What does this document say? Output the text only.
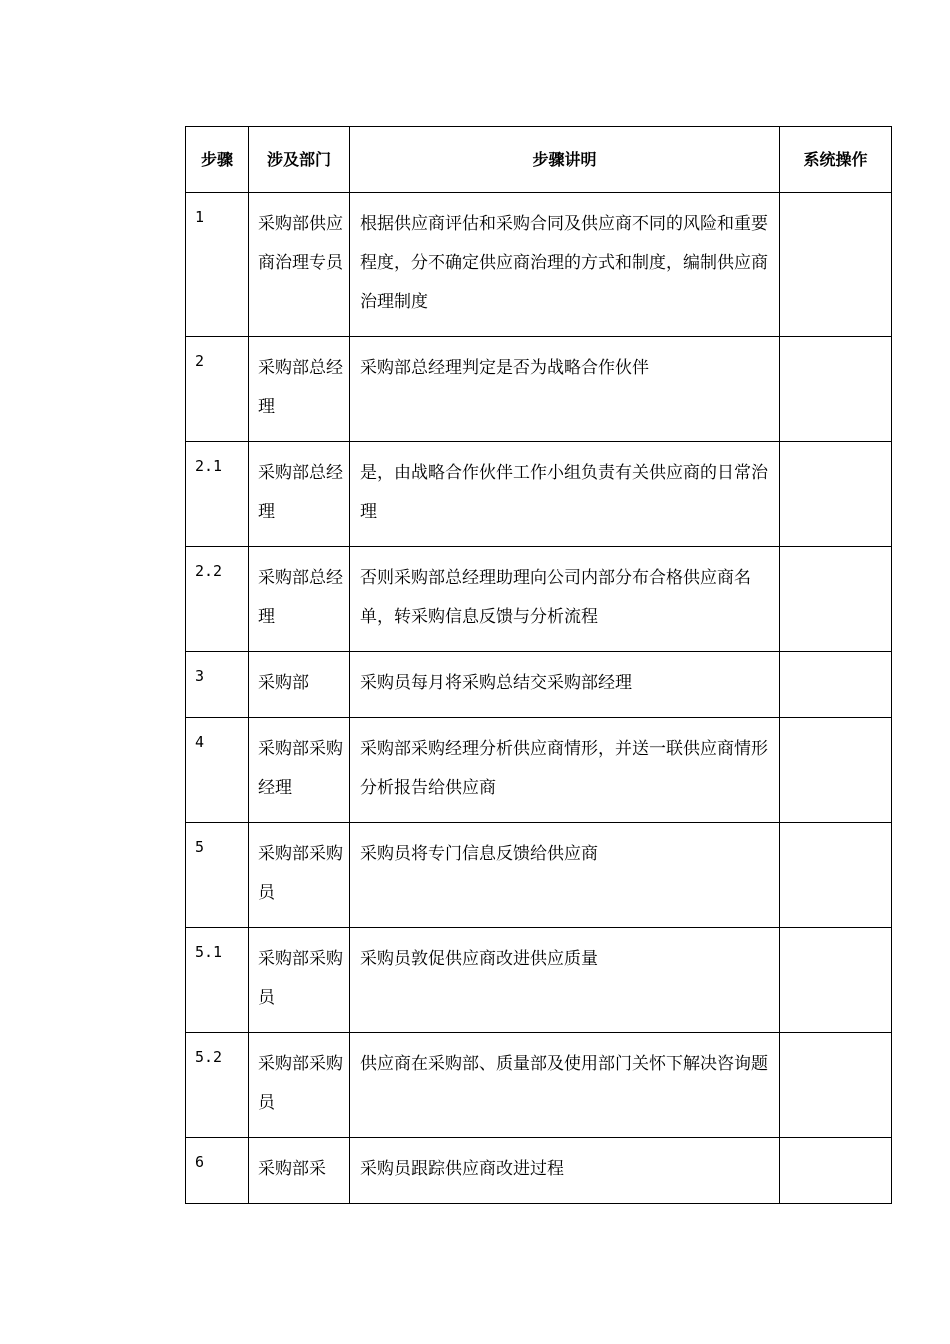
步骤	涉及部门	步骤讲明	系统操作
1	采购部供应商治理专员	根据供应商评估和采购合同及供应商不同的风险和重要程度，分不确定供应商治理的方式和制度，编制供应商治理制度	
2	采购部总经理	采购部总经理判定是否为战略合作伙伴	
2.1	采购部总经理	是，由战略合作伙伴工作小组负责有关供应商的日常治理	
2.2	采购部总经理	否则采购部总经理助理向公司内部分布合格供应商名单，转采购信息反馈与分析流程	
3	采购部	采购员每月将采购总结交采购部经理	
4	采购部采购经理	采购部采购经理分析供应商情形，并送一联供应商情形分析报告给供应商	
5	采购部采购员	采购员将专门信息反馈给供应商	
5.1	采购部采购员	采购员敦促供应商改进供应质量	
5.2	采购部采购员	供应商在采购部、质量部及使用部门关怀下解决咨询题	
6	采购部采	采购员跟踪供应商改进过程	
